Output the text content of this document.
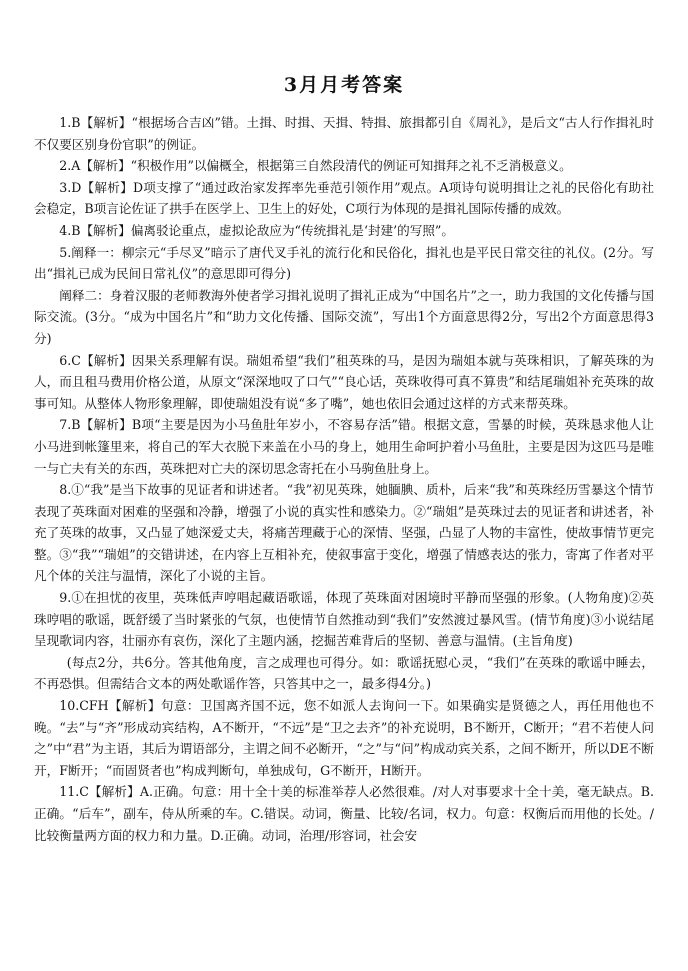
3月月考答案

1.B【解析】“根据场合吉凶”错。土揖、时揖、天揖、特揖、旅揖都引自《周礼》，是后文“古人行作揖礼时不仅要区别身份官职”的例证。

2.A【解析】“积极作用”以偏概全，根据第三自然段清代的例证可知揖拜之礼不乏消极意义。

3.D【解析】D项支撑了“通过政治家发挥率先垂范引领作用”观点。A项诗句说明揖让之礼的民俗化有助社会稳定，B项言论佐证了拱手在医学上、卫生上的好处，C项行为体现的是揖礼国际传播的成效。

4.B【解析】偏离驳论重点，虚拟论敌应为“传统揖礼是‘封建’的写照”。

5.阐释一：柳宗元“手尽叉”暗示了唐代叉手礼的流行化和民俗化，揖礼也是平民日常交往的礼仪。(2分。写出“揖礼已成为民间日常礼仪”的意思即可得分)

阐释二：身着汉服的老师教海外使者学习揖礼说明了揖礼正成为“中国名片”之一，助力我国的文化传播与国际交流。(3分。“成为中国名片”和“助力文化传播、国际交流”，写出1个方面意思得2分，写出2个方面意思得3分)

6.C【解析】因果关系理解有误。瑞姐希望“我们”租英珠的马，是因为瑞姐本就与英珠相识，了解英珠的为人，而且租马费用价格公道，从原文“深深地叹了口气”“良心话，英珠收得可真不算贵”和结尾瑞姐补充英珠的故事可知。从整体人物形象理解，即使瑞姐没有说“多了嘴”，她也依旧会通过这样的方式来帮英珠。

7.B【解析】B项“主要是因为小马鱼肚年岁小，不容易存活”错。根据文意，雪暴的时候，英珠恳求他人让小马进到帐篷里来，将自己的军大衣脱下来盖在小马的身上，她用生命呵护着小马鱼肚，主要是因为这匹马是唯一与亡夫有关的东西，英珠把对亡夫的深切思念寄托在小马驹鱼肚身上。

8.①“我”是当下故事的见证者和讲述者。“我”初见英珠，她腼腆、质朴，后来“我”和英珠经历雪暴这个情节表现了英珠面对困难的坚强和冷静，增强了小说的真实性和感染力。②“瑞姐”是英珠过去的见证者和讲述者，补充了英珠的故事，又凸显了她深爱丈夫，将痛苦理藏于心的深情、坚强，凸显了人物的丰富性，使故事情节更完整。③“我”“瑞姐”的交错讲述，在内容上互相补充，使叙事富于变化，增强了情感表达的张力，寄寓了作者对平凡个体的关注与温情，深化了小说的主旨。

9.①在担忧的夜里，英珠低声哼唱起藏语歌谣，体现了英珠面对困境时平静而坚强的形象。(人物角度)②英珠哼唱的歌谣，既舒缓了当时紧张的气氛，也使情节自然推动到“我们”安然渡过暴风雪。(情节角度)③小说结尾呈现歌词内容，壮丽亦有哀伤，深化了主题内涵，挖掘苦难背后的坚韧、善意与温情。(主旨角度)

(每点2分，共6分。答其他角度，言之成理也可得分。如：歌谣抚慰心灵，“我们”在英珠的歌谣中睡去，不再恐惧。但需结合文本的两处歌谣作答，只答其中之一，最多得4分。)

10.CFH【解析】句意：卫国离齐国不远，您不如派人去询问一下。如果确实是贤德之人，再任用他也不晚。“去”与“齐”形成动宾结构，A不断开，“不远”是“卫之去齐”的补充说明，B不断开，C断开；“君不若使人问之”中“君”为主语，其后为谓语部分，主谓之间不必断开，“之”与“问”构成动宾关系，之间不断开，所以DE不断开，F断开；“而固贤者也”构成判断句，单独成句，G不断开，H断开。

11.C【解析】A.正确。句意：用十全十美的标准举荐人必然很难。/对人对事要求十全十美，毫无缺点。B.正确。“后车”，副车，侍从所乘的车。C.错误。动词，衡量、比较/名词，权力。句意：权衡后而用他的长处。/比较衡量两方面的权力和力量。D.正确。动词，治理/形容词，社会安
